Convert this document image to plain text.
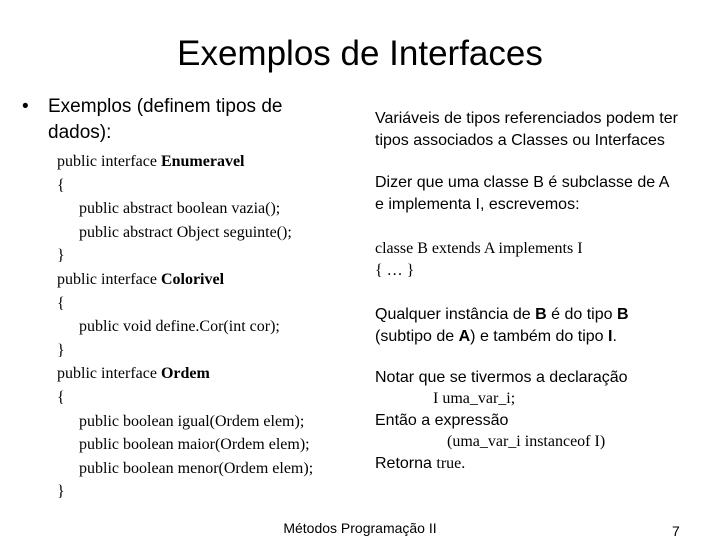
Exemplos de Interfaces
• Exemplos (definem tipos de
dados):
public interface Enumeravel
{
public abstract boolean vazia();
public abstract Object seguinte();
}
public interface Colorivel
{
public void define.Cor(int cor);
}
public interface Ordem
{
public boolean igual(Ordem elem);
public boolean maior(Ordem elem);
public boolean menor(Ordem elem);
}
Variáveis de tipos referenciados podem ter
tipos associados a Classes ou Interfaces
Dizer que uma classe B é subclasse de A
e implementa I, escrevemos:
classe B extends A implements I
{ … }
Qualquer instância de B é do tipo B
(subtipo de A) e também do tipo I.
Notar que se tivermos a declaração
I uma_var_i;
Então a expressão
(uma_var_i instanceof I)
Retorna true.
Métodos Programação II	7
